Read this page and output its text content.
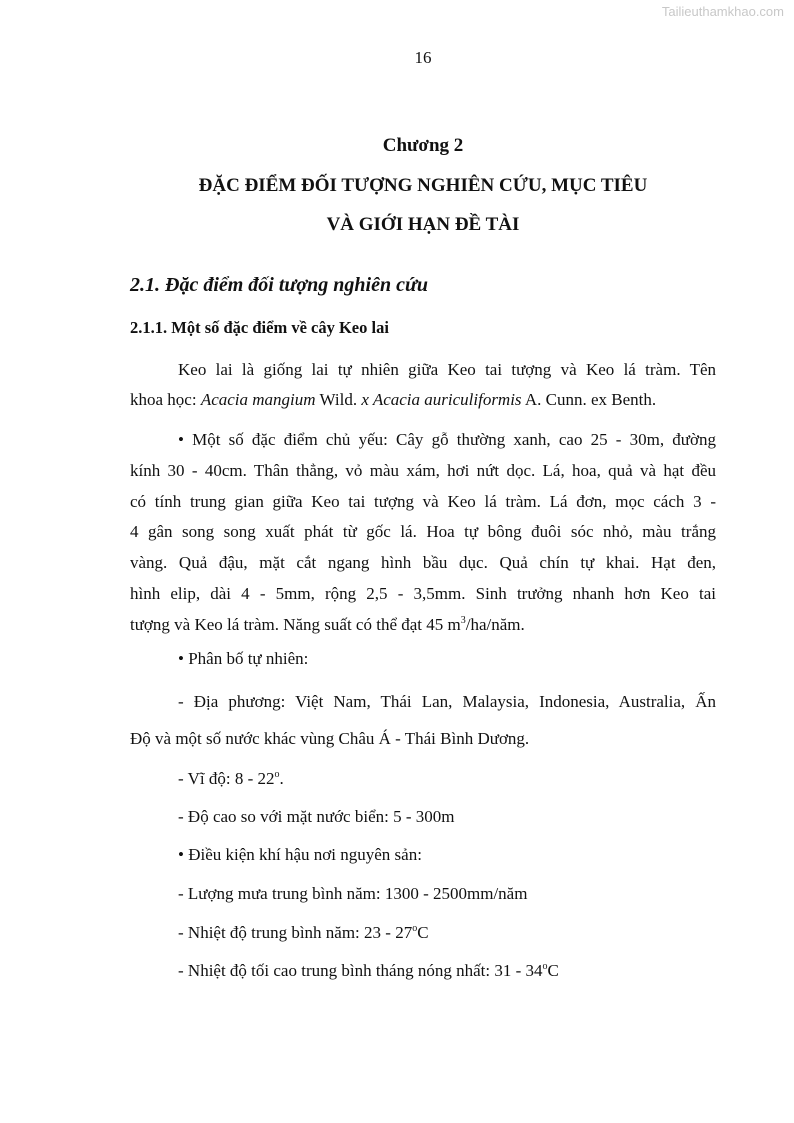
Tailieuthamkhao.com
16
Chương 2
ĐẶC ĐIỂM ĐỐI TƯỢNG NGHIÊN CỨU, MỤC TIÊU
VÀ GIỚI HẠN ĐỀ TÀI
2.1. Đặc điểm đối tượng nghiên cứu
2.1.1. Một số đặc điểm về cây Keo lai
Keo lai là giống lai tự nhiên giữa Keo tai tượng và Keo lá tràm. Tên
khoa học: Acacia mangium Wild. x Acacia auriculiformis A. Cunn. ex Benth.
• Một số đặc điểm chủ yếu: Cây gỗ thường xanh, cao 25 - 30m, đường
kính 30 - 40cm. Thân thẳng, vỏ màu xám, hơi nứt dọc. Lá, hoa, quả và hạt đều
có tính trung gian giữa Keo tai tượng và Keo lá tràm. Lá đơn, mọc cách 3 -
4 gân song song xuất phát từ gốc lá. Hoa tự bông đuôi sóc nhỏ, màu trắng
vàng. Quả đậu, mặt cắt ngang hình bầu dục. Quả chín tự khai. Hạt đen,
hình elip, dài 4 - 5mm, rộng 2,5 - 3,5mm. Sinh trưởng nhanh hơn Keo tai
tượng và Keo lá tràm. Năng suất có thể đạt 45 $m^3/ha$/năm.
• Phân bố tự nhiên:
- Địa phương: Việt Nam, Thái Lan, Malaysia, Indonesia, Australia, Ấn
Độ và một số nước khác vùng Châu Á - Thái Bình Dương.
- Vĩ độ: 8 - 22$^o$.
- Độ cao so với mặt nước biển: 5 - 300m
• Điều kiện khí hậu nơi nguyên sản:
- Lượng mưa trung bình năm: 1300 - 2500mm/năm
- Nhiệt độ trung bình năm: 23 - 27$^o$C
- Nhiệt độ tối cao trung bình tháng nóng nhất: 31 - 34$^o$C
